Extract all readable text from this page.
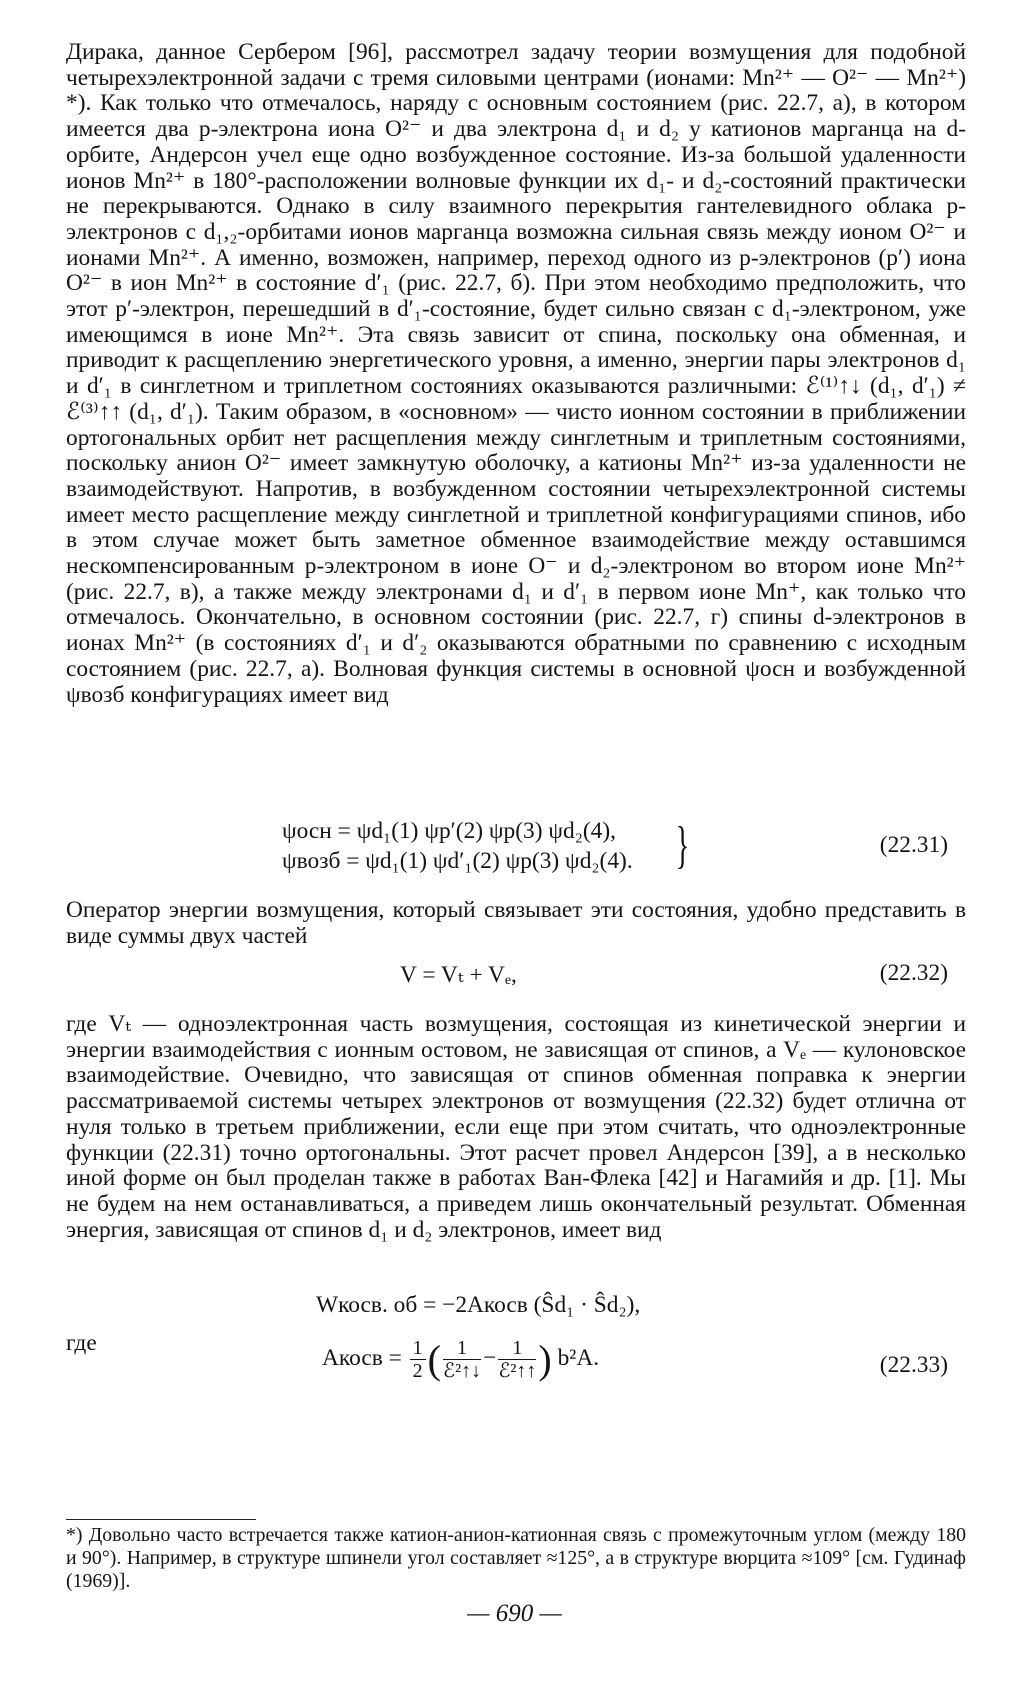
Дирака, данное Сербером [96], рассмотрел задачу теории возмущения для подобной четырехэлектронной задачи с тремя силовыми центрами (ионами: Mn²⁺ — O²⁻ — Mn²⁺) *). Как только что отмечалось, наряду с основным состоянием (рис. 22.7, а), в котором имеется два p-электрона иона O²⁻ и два электрона d₁ и d₂ у катионов марганца на d-орбите, Андерсон учел еще одно возбужденное состояние. Из-за большой удаленности ионов Mn²⁺ в 180°-расположении волновые функции их d₁- и d₂-состояний практически не перекрываются. Однако в силу взаимного перекрытия гантелевидного облака p-электронов с d₁,₂-орбитами ионов марганца возможна сильная связь между ионом O²⁻ и ионами Mn²⁺. А именно, возможен, например, переход одного из p-электронов (p′) иона O²⁻ в ион Mn²⁺ в состояние d′₁ (рис. 22.7, б). При этом необходимо предположить, что этот p′-электрон, перешедший в d′₁-состояние, будет сильно связан с d₁-электроном, уже имеющимся в ионе Mn²⁺. Эта связь зависит от спина, поскольку она обменная, и приводит к расщеплению энергетического уровня, а именно, энергии пары электронов d₁ и d′₁ в синглетном и триплетном состояниях оказываются различными: ℰ⁽¹⁾↑↓ (d₁, d′₁) ≠ ℰ⁽³⁾↑↑ (d₁, d′₁). Таким образом, в «основном» — чисто ионном состоянии в приближении ортогональных орбит нет расщепления между синглетным и триплетным состояниями, поскольку анион O²⁻ имеет замкнутую оболочку, а катионы Mn²⁺ из-за удаленности не взаимодействуют. Напротив, в возбужденном состоянии четырехэлектронной системы имеет место расщепление между синглетной и триплетной конфигурациями спинов, ибо в этом случае может быть заметное обменное взаимодействие между оставшимся нескомпенсированным p-электроном в ионе O⁻ и d₂-электроном во втором ионе Mn²⁺ (рис. 22.7, в), а также между электронами d₁ и d′₁ в первом ионе Mn⁺, как только что отмечалось. Окончательно, в основном состоянии (рис. 22.7, г) спины d-электронов в ионах Mn²⁺ (в состояниях d′₁ и d′₂ оказываются обратными по сравнению с исходным состоянием (рис. 22.7, а). Волновая функция системы в основной ψосн и возбужденной ψвозб конфигурациях имеет вид

ψосн = ψd₁(1) ψp′(2) ψp(3) ψd₂(4),
ψвозб = ψd₁(1) ψd′₁(2) ψp(3) ψd₂(4). }	(22.31)

Оператор энергии возмущения, который связывает эти состояния, удобно представить в виде суммы двух частей

V = Vₜ + Vₑ,	(22.32)

где Vₜ — одноэлектронная часть возмущения, состоящая из кинетической энергии и энергии взаимодействия с ионным остовом, не зависящая от спинов, а Vₑ — кулоновское взаимодействие. Очевидно, что зависящая от спинов обменная поправка к энергии рассматриваемой системы четырех электронов от возмущения (22.32) будет отлична от нуля только в третьем приближении, если еще при этом считать, что одноэлектронные функции (22.31) точно ортогональны. Этот расчет провел Андерсон [39], а в несколько иной форме он был проделан также в работах Ван-Флека [42] и Нагамийя и др. [1]. Мы не будем на нем останавливаться, а приведем лишь окончательный результат. Обменная энергия, зависящая от спинов d₁ и d₂ электронов, имеет вид

Wкосв. об = −2Aкосв (Ŝd₁ · Ŝd₂),
где
Aкосв = $\frac{1}{2}$ ( $\frac{1}{\text{ℰ²↑↓}} - \frac{1}{\text{ℰ²↑↑}}$ ) b²A.	(22.33)
*) Довольно часто встречается также катион-анион-катионная связь с промежуточным углом (между 180 и 90°). Например, в структуре шпинели угол составляет ≈125°, а в структуре вюрцита ≈109° [см. Гудинаф (1969)].
— 690 —
